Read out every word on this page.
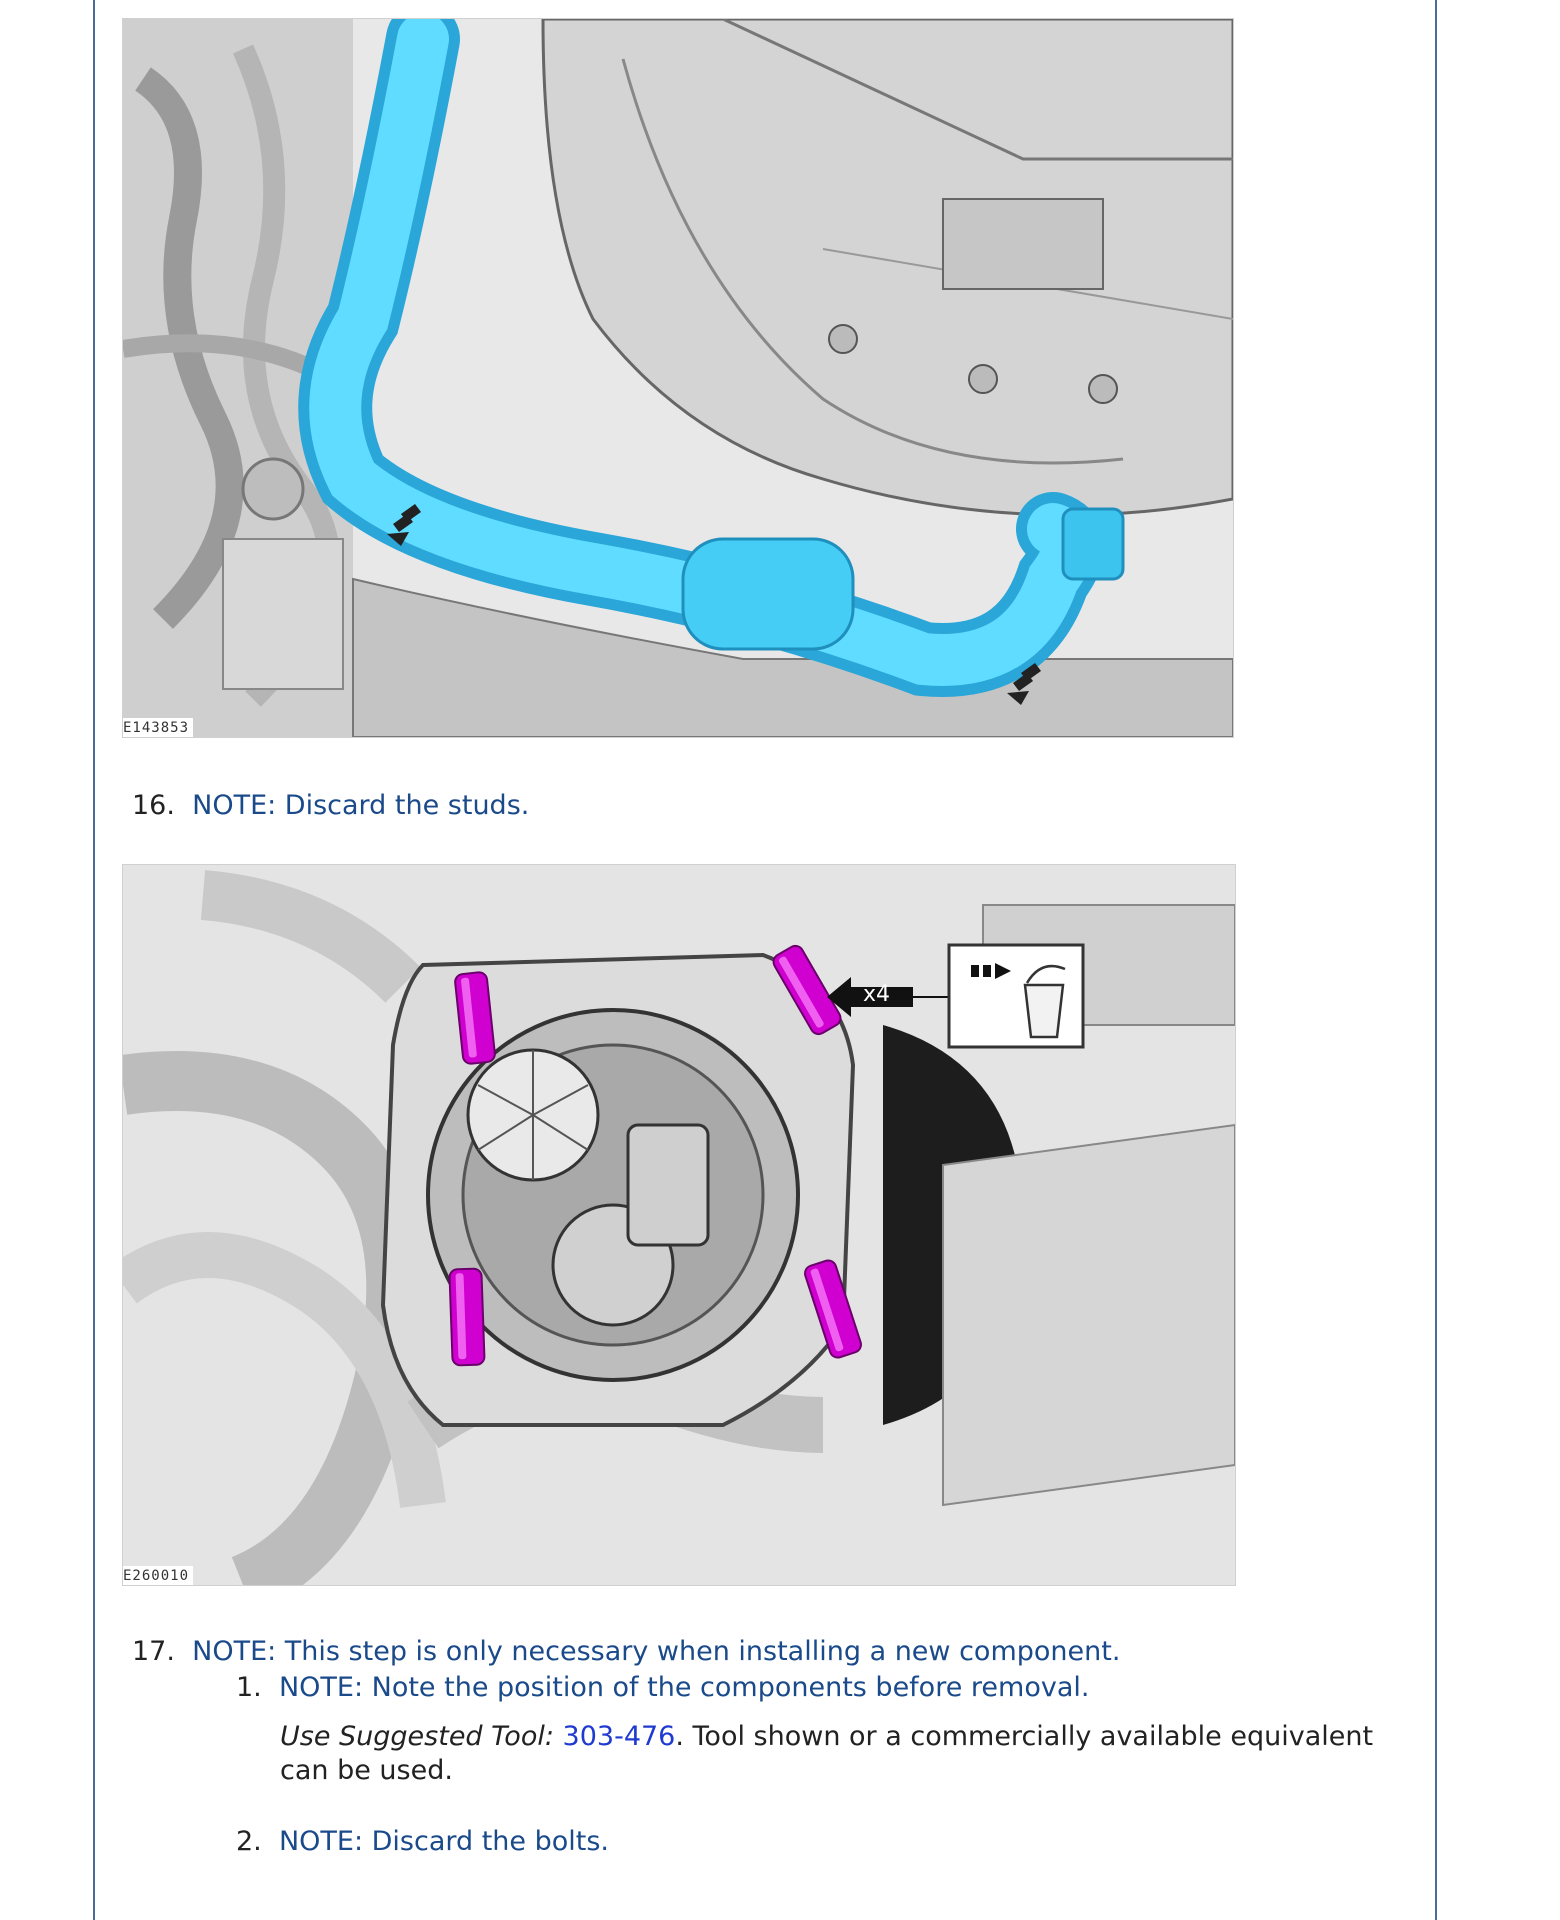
E143853
16. NOTE: Discard the studs.
x4
E260010
17. NOTE: This step is only necessary when installing a new component.
1. NOTE: Note the position of the components before removal.
Use Suggested Tool: 303-476. Tool shown or a commercially available equivalent can be used.
2. NOTE: Discard the bolts.
